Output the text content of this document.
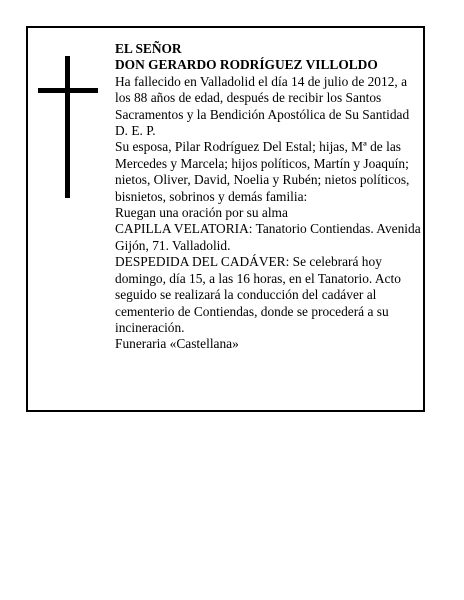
EL SEÑOR

DON GERARDO RODRÍGUEZ VILLOLDO

Ha fallecido en Valladolid el día 14 de julio de 2012, a los 88 años de edad, después de recibir los Santos Sacramentos y la Bendición Apostólica de Su Santidad D. E. P.

Su esposa, Pilar Rodríguez Del Estal; hijas, Mª de las Mercedes y Marcela; hijos políticos, Martín y Joaquín; nietos, Oliver, David, Noelia y Rubén; nietos políticos, bisnietos, sobrinos y demás familia:

Ruegan una oración por su alma

CAPILLA VELATORIA: Tanatorio Contiendas. Avenida Gijón, 71. Valladolid.

DESPEDIDA DEL CADÁVER: Se celebrará hoy domingo, día 15, a las 16 horas, en el Tanatorio. Acto seguido se realizará la conducción del cadáver al cementerio de Contiendas, donde se procederá a su incineración.

Funeraria «Castellana»
